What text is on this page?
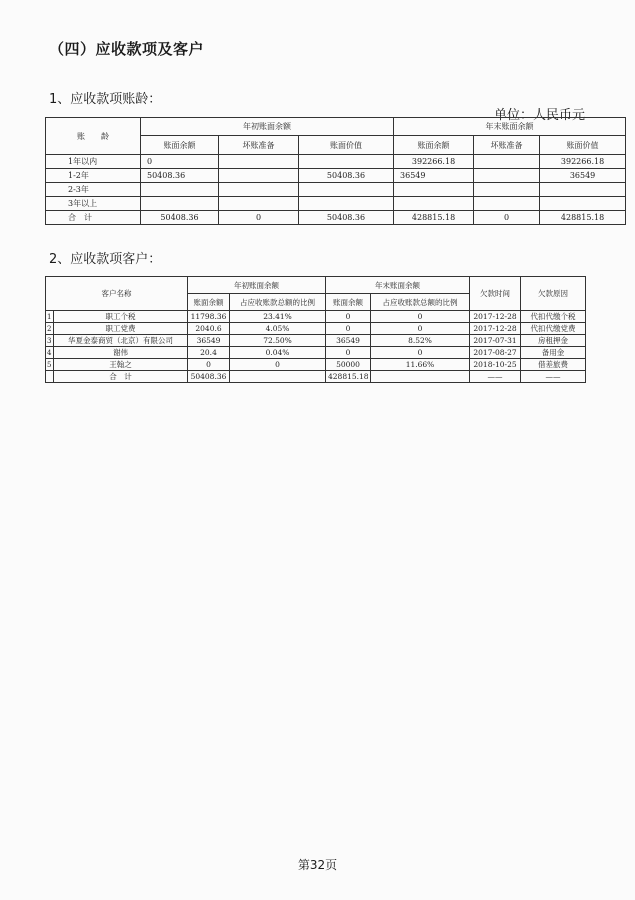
（四）应收款项及客户
1、应收款项账龄：
单位：人民币元
账　　龄	年初账面余额			年末账面余额		
	账面余额	坏账准备	账面价值	账面余额	坏账准备	账面价值
1年以内	0			392266.18		392266.18
1-2年	50408.36		50408.36	36549		36549
2-3年						
3年以上						
合　计	50408.36	0	50408.36	428815.18	0	428815.18
2、应收款项客户：
客户名称		年初账面余额		年末账面余额		欠款时间	欠款原因
		账面余额	占应收账款总额的比例	账面余额	占应收账款总额的比例		
1	职工个税	11798.36	23.41%	0	0	2017-12-28	代扣代缴个税
2	职工党费	2040.6	4.05%	0	0	2017-12-28	代扣代缴党费
3	华夏金泰商贸（北京）有限公司	36549	72.50%	36549	8.52%	2017-07-31	房租押金
4	谢伟	20.4	0.04%	0	0	2017-08-27	备用金
5	王翰之	0	0	50000	11.66%	2018-10-25	借差旅费
	合　计	50408.36		428815.18		——	——
第32页
